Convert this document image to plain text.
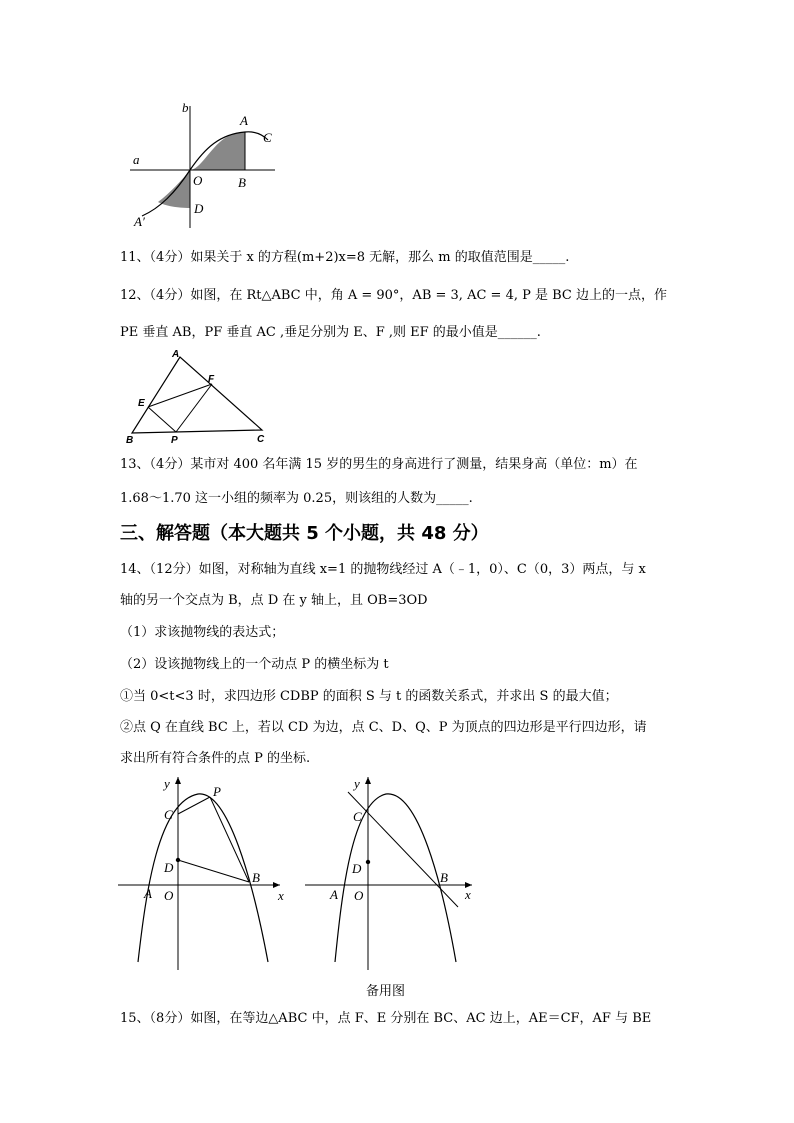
b
a
A
C
O	B
D
A′
11、（4分）如果关于 x 的方程(m+2)x=8 无解，那么 m 的取值范围是_____.
12、（4分）如图，在 Rt△ABC 中，角 A = 90°，AB = 3, AC = 4, P 是 BC 边上的一点，作
PE 垂直 AB，PF 垂直 AC ,垂足分别为 E、F ,则 EF 的最小值是______.
A
E
F
B	P	C
13、（4分）某市对 400 名年满 15 岁的男生的身高进行了测量，结果身高（单位：m）在
1.68～1.70 这一小组的频率为 0.25，则该组的人数为_____.
三、解答题（本大题共 5 个小题，共 48 分）
14、（12分）如图，对称轴为直线 x=1 的抛物线经过 A（﹣1，0）、C（0，3）两点，与 x
轴的另一个交点为 B，点 D 在 y 轴上，且 OB=3OD
（1）求该抛物线的表达式；
（2）设该抛物线上的一个动点 P 的横坐标为 t
①当 0<t<3 时，求四边形 CDBP 的面积 S 与 t 的函数关系式，并求出 S 的最大值；
②点 Q 在直线 BC 上，若以 CD 为边，点 C、D、Q、P 为顶点的四边形是平行四边形，请
求出所有符合条件的点 P 的坐标.
y
P
C
D
B
A O	x
y
C
D
B
A O	x
备用图
15、（8分）如图，在等边△ABC 中，点 F、E 分别在 BC、AC 边上，AE＝CF，AF 与 BE
